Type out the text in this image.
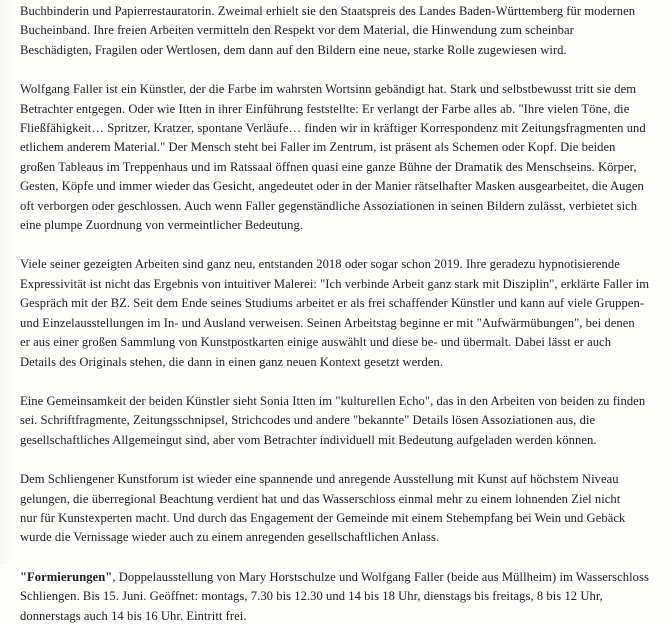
Buchbinderin und Papierrestauratorin. Zweimal erhielt sie den Staatspreis des Landes Baden-Württemberg für modernen
Bucheinband. Ihre freien Arbeiten vermitteln den Respekt vor dem Material, die Hinwendung zum scheinbar
Beschädigten, Fragilen oder Wertlosen, dem dann auf den Bildern eine neue, starke Rolle zugewiesen wird.

Wolfgang Faller ist ein Künstler, der die Farbe im wahrsten Wortsinn gebändigt hat. Stark und selbstbewusst tritt sie dem
Betrachter entgegen. Oder wie Itten in ihrer Einführung feststellte: Er verlangt der Farbe alles ab. "Ihre vielen Töne, die
Fließfähigkeit… Spritzer, Kratzer, spontane Verläufe… finden wir in kräftiger Korrespondenz mit Zeitungsfragmenten und
etlichem anderem Material." Der Mensch steht bei Faller im Zentrum, ist präsent als Schemen oder Kopf. Die beiden
großen Tableaus im Treppenhaus und im Ratssaal öffnen quasi eine ganze Bühne der Dramatik des Menschseins. Körper,
Gesten, Köpfe und immer wieder das Gesicht, angedeutet oder in der Manier rätselhafter Masken ausgearbeitet, die Augen
oft verborgen oder geschlossen. Auch wenn Faller gegenständliche Assoziationen in seinen Bildern zulässt, verbietet sich
eine plumpe Zuordnung von vermeintlicher Bedeutung.

Viele seiner gezeigten Arbeiten sind ganz neu, entstanden 2018 oder sogar schon 2019. Ihre geradezu hypnotisierende
Expressivität ist nicht das Ergebnis von intuitiver Malerei: "Ich verbinde Arbeit ganz stark mit Disziplin", erklärte Faller im
Gespräch mit der BZ. Seit dem Ende seines Studiums arbeitet er als frei schaffender Künstler und kann auf viele Gruppen-
und Einzelausstellungen im In- und Ausland verweisen. Seinen Arbeitstag beginne er mit "Aufwärmübungen", bei denen
er aus einer großen Sammlung von Kunstpostkarten einige auswählt und diese be- und übermalt. Dabei lässt er auch
Details des Originals stehen, die dann in einen ganz neuen Kontext gesetzt werden.

Eine Gemeinsamkeit der beiden Künstler sieht Sonia Itten im "kulturellen Echo", das in den Arbeiten von beiden zu finden
sei. Schriftfragmente, Zeitungsschnipsel, Strichcodes und andere "bekannte" Details lösen Assoziationen aus, die
gesellschaftliches Allgemeingut sind, aber vom Betrachter individuell mit Bedeutung aufgeladen werden können.

Dem Schliengener Kunstforum ist wieder eine spannende und anregende Ausstellung mit Kunst auf höchstem Niveau
gelungen, die überregional Beachtung verdient hat und das Wasserschloss einmal mehr zu einem lohnenden Ziel nicht
nur für Kunstexperten macht. Und durch das Engagement der Gemeinde mit einem Stehempfang bei Wein und Gebäck
wurde die Vernissage wieder auch zu einem anregenden gesellschaftlichen Anlass.

"Formierungen", Doppelausstellung von Mary Horstschulze und Wolfgang Faller (beide aus Müllheim) im Wasserschloss
Schliengen. Bis 15. Juni. Geöffnet: montags, 7.30 bis 12.30 und 14 bis 18 Uhr, dienstags bis freitags, 8 bis 12 Uhr,
donnerstags auch 14 bis 16 Uhr. Eintritt frei.
